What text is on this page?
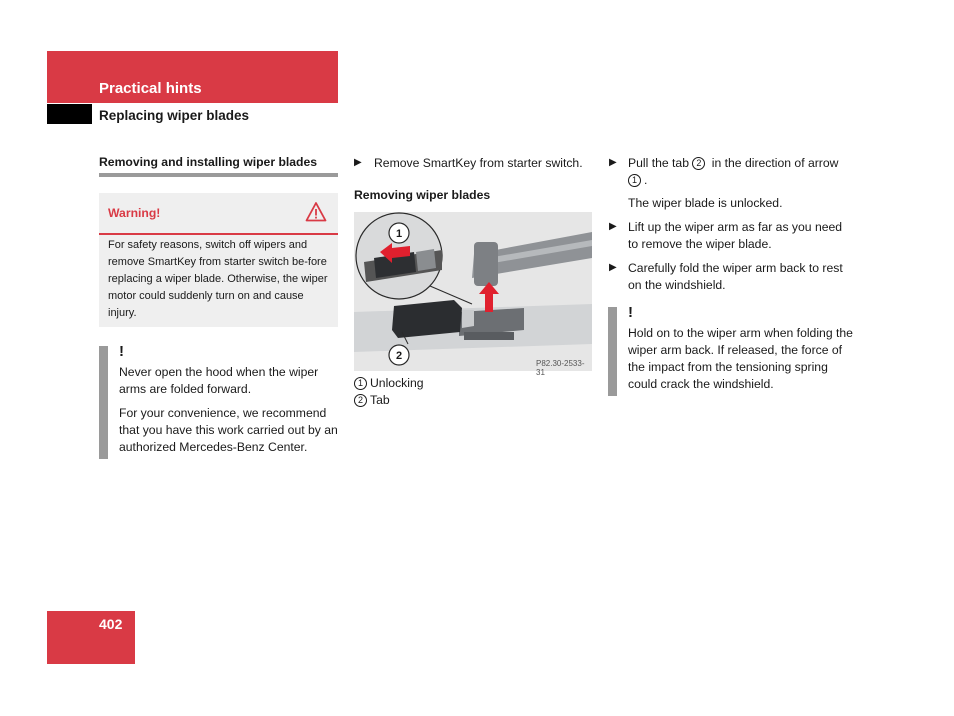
Practical hints
Replacing wiper blades
Removing and installing wiper blades
Warning!
For safety reasons, switch off wipers and remove SmartKey from starter switch be-fore replacing a wiper blade. Otherwise, the wiper motor could suddenly turn on and cause injury.
!
Never open the hood when the wiper arms are folded forward.
For your convenience, we recommend that you have this work carried out by an authorized Mercedes-Benz Center.
▶ Remove SmartKey from starter switch.
Removing wiper blades
1
2
P82.30-2533-31
1 Unlocking
2 Tab
▶ Pull the tab 2 in the direction of arrow 1 .
The wiper blade is unlocked.
▶ Lift up the wiper arm as far as you need to remove the wiper blade.
▶ Carefully fold the wiper arm back to rest on the windshield.
!
Hold on to the wiper arm when folding the wiper arm back. If released, the force of the impact from the tensioning spring could crack the windshield.
402
